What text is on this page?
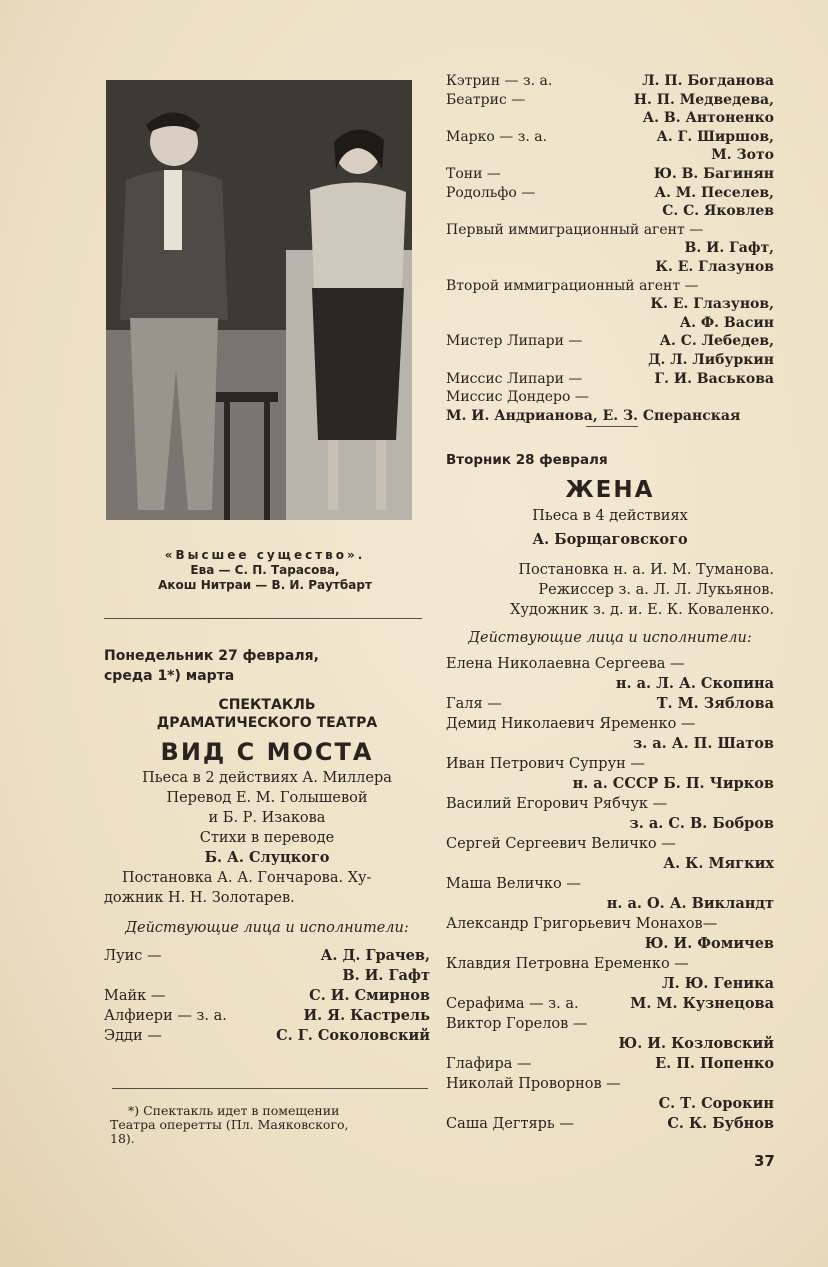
«Высшее существо».
Ева — С. П. Тарасова,
Акош Нитраи — В. И. Раутбарт
Понедельник 27 февраля,
среда 1*) марта
СПЕКТАКЛЬ
ДРАМАТИЧЕСКОГО ТЕАТРА
ВИД С МОСТА
Пьеса в 2 действиях А. Миллера
Перевод Е. М. Голышевой
и Б. Р. Изакова
Стихи в переводе
Б. А. Слуцкого
Постановка А. А. Гончарова. Ху-
дожник Н. Н. Золотарев.
Действующие лица и исполнители:
Луис —	А. Д. Грачев,
В. И. Гафт
Майк —	С. И. Смирнов
Алфиери — з. а.	И. Я. Кастрель
Эдди —	С. Г. Соколовский
*) Спектакль идет в помещении
Театра оперетты (Пл. Маяковского,
18).
Кэтрин — з. а.	Л. П. Богданова
Беатрис —	Н. П. Медведева,
А. В. Антоненко
Марко — з. а.	А. Г. Ширшов,
М. Зото
Тони —	Ю. В. Багинян
Родольфо —	А. М. Песелев,
С. С. Яковлев
Первый иммиграционный агент —
В. И. Гафт,
К. Е. Глазунов
Второй иммиграционный агент —
К. Е. Глазунов,
А. Ф. Васин
Мистер Липари —	А. С. Лебедев,
Д. Л. Либуркин
Миссис Липари —	Г. И. Васькова
Миссис Дондеро —
М. И. Андрианова, Е. З. Сперанская
Вторник 28 февраля
ЖЕНА
Пьеса в 4 действиях
А. Борщаговского
Постановка н. а. И. М. Туманова.
Режиссер з. а. Л. Л. Лукьянов.
Художник з. д. и. Е. К. Коваленко.
Действующие лица и исполнители:
Елена Николаевна Сергеева —
н. а. Л. А. Скопина
Галя —	Т. М. Зяблова
Демид Николаевич Яременко —
з. а. А. П. Шатов
Иван Петрович Супрун —
н. а. СССР Б. П. Чирков
Василий Егорович Рябчук —
з. а. С. В. Бобров
Сергей Сергеевич Величко —
А. К. Мягких
Маша Величко —
н. а. О. А. Викландт
Александр Григорьевич Монахов—
Ю. И. Фомичев
Клавдия Петровна Еременко —
Л. Ю. Геника
Серафима — з. а.	М. М. Кузнецова
Виктор Горелов —
Ю. И. Козловский
Глафира —	Е. П. Попенко
Николай Проворнов —
С. Т. Сорокин
Саша Дегтярь —	С. К. Бубнов
37
